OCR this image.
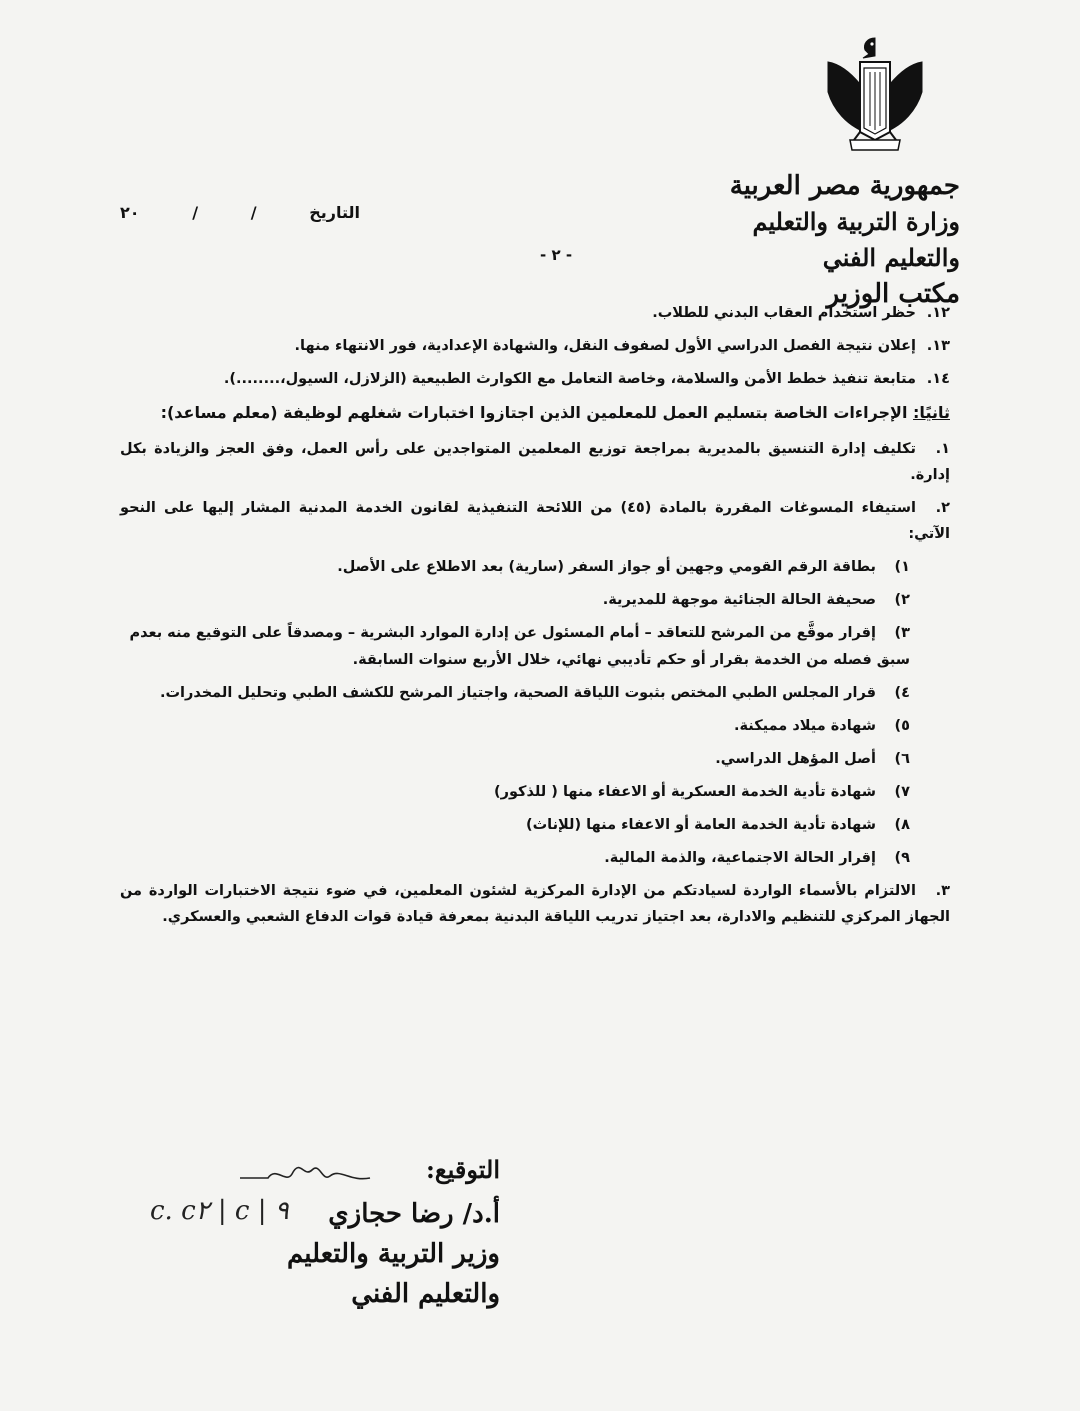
جمهورية مصر العربية
وزارة التربية والتعليم والتعليم الفني
مكتب الوزير
التاريخ
/
/
٢٠
- ٢ -

١٢.حظر استخدام العقاب البدني للطلاب.

١٣.إعلان نتيجة الفصل الدراسي الأول لصفوف النقل، والشهادة الإعدادية، فور الانتهاء منها.

١٤.متابعة تنفيذ خطط الأمن والسلامة، وخاصة التعامل مع الكوارث الطبيعية (الزلازل، السيول،........).

ثانيًا: الإجراءات الخاصة بتسليم العمل للمعلمين الذين اجتازوا اختبارات شغلهم لوظيفة (معلم مساعد):

١.تكليف إدارة التنسيق بالمديرية بمراجعة توزيع المعلمين المتواجدين على رأس العمل، وفق العجز والزيادة بكل إدارة.

٢.استيفاء المسوغات المقررة بالمادة (٤٥) من اللائحة التنفيذية لقانون الخدمة المدنية المشار إليها على النحو الآتي:

١)بطاقة الرقم القومي وجهين أو جواز السفر (سارية) بعد الاطلاع على الأصل.

٢)صحيفة الحالة الجنائية موجهة للمديرية.

٣)إقرار موقَّع من المرشح للتعاقد – أمام المسئول عن إدارة الموارد البشرية – ومصدقاً على التوقيع منه بعدم سبق فصله من الخدمة بقرار أو حكم تأديبي نهائي، خلال الأربع سنوات السابقة.

٤)قرار المجلس الطبي المختص بثبوت اللياقة الصحية، واجتياز المرشح للكشف الطبي وتحليل المخدرات.

٥)شهادة ميلاد مميكنة.

٦)أصل المؤهل الدراسي.

٧)شهادة تأدية الخدمة العسكرية أو الاعفاء منها ( للذكور)

٨)شهادة تأدية الخدمة العامة أو الاعفاء منها (للإناث)

٩)إقرار الحالة الاجتماعية، والذمة المالية.

٣.الالتزام بالأسماء الواردة لسيادتكم من الإدارة المركزية لشئون المعلمين، في ضوء نتيجة الاختبارات الواردة من الجهاز المركزي للتنظيم والادارة، بعد اجتياز تدريب اللياقة البدنية بمعرفة قيادة قوات الدفاع الشعبي والعسكري.

التوقيع:
أ.د/ رضا حجازي
وزير التربية والتعليم
والتعليم الفني
c. c٢ | c | ٩
